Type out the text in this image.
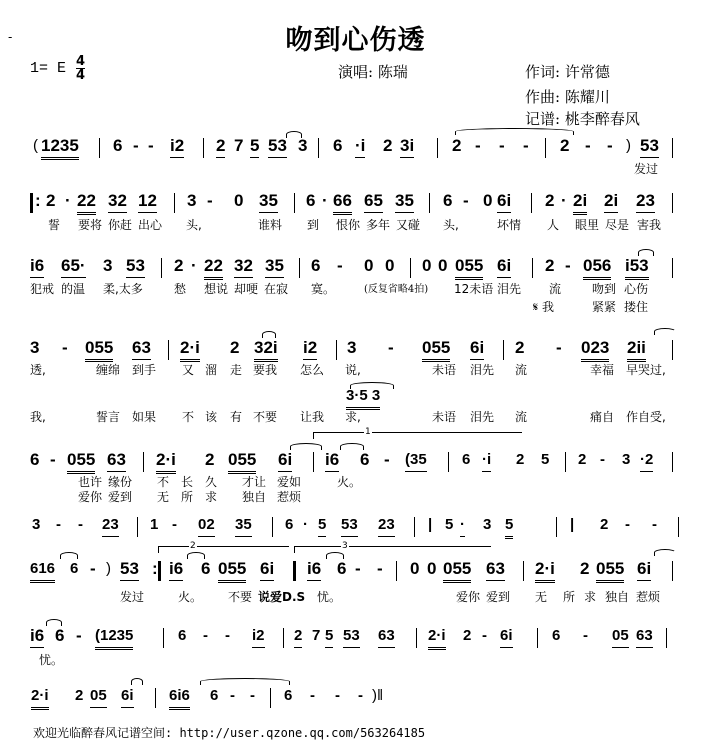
-	吻到心伤透
1= E 4
4	演唱: 陈瑞	作词: 许常德
作曲: 陈耀川
记谱: 桃李醉春风
( 1235 6 - - i2 2 7 5 53 3 6 ·i 2 3i 2 - - - 2 - - ) 53
发过
: 2 · 22 32 12 3 - 0 35 6 · 66 65 35 6 - 0 6i 2 · 2i 2i 23
誓 要将 你赶 出心 头,	谁料 到 恨你 多年 又碰 头,	坏情 人 眼里 尽是 害我
i6 65· 3 53 2 · 22 32 35 6 - 0 0 0 0 055 6i 2 - 056 i53
犯戒 的温 柔,太多	愁 想说 却哽 在寂 寞。	(反复省略4拍) 12未语 泪先 流	吻到 心伤
𝄋 我	紧紧 搂住
3 - 055 63 2·i 2 32i i2 3 - 055 6i 2 - 023 2ii
透,	缠绵 到手 又 溜 走 要我 怎么 说,	未语 泪先 流	幸福 早哭过,
3·5 3
我,	誓言 如果 不 该 有 不要 让我 求,	未语 泪先 流	痛自 作自受,
1
6 - 055 63 2·i 2 055 6i i6 6 - (35 6 ·i 2 5 2 - 3 ·2
也许 缘份 不 长 久 才让 爱如	火。
爱你 爱到 无 所 求 独自 惹烦
3 - - 23 1 - 02 35 6 · 5 53 23 | 5 · 3 5	| 2 - -
2	3
616 6 - ) 53 : i6 6 055 6i i6 6 - - 0 0 055 63 2·i 2 055 6i
发过	火。 不要 说爱D.S 忧。	爱你 爱到 无 所 求 独自 惹烦
i6 6 - (1235	6 - - i2 2 7 5 53 63 2·i 2 - 6i	6 - 05 63
忧。
2·i 2 05 6i 6i6 6 - - 6 - - - )‖
欢迎光临醉春风记谱空间: http://user.qzone.qq.com/563264185
